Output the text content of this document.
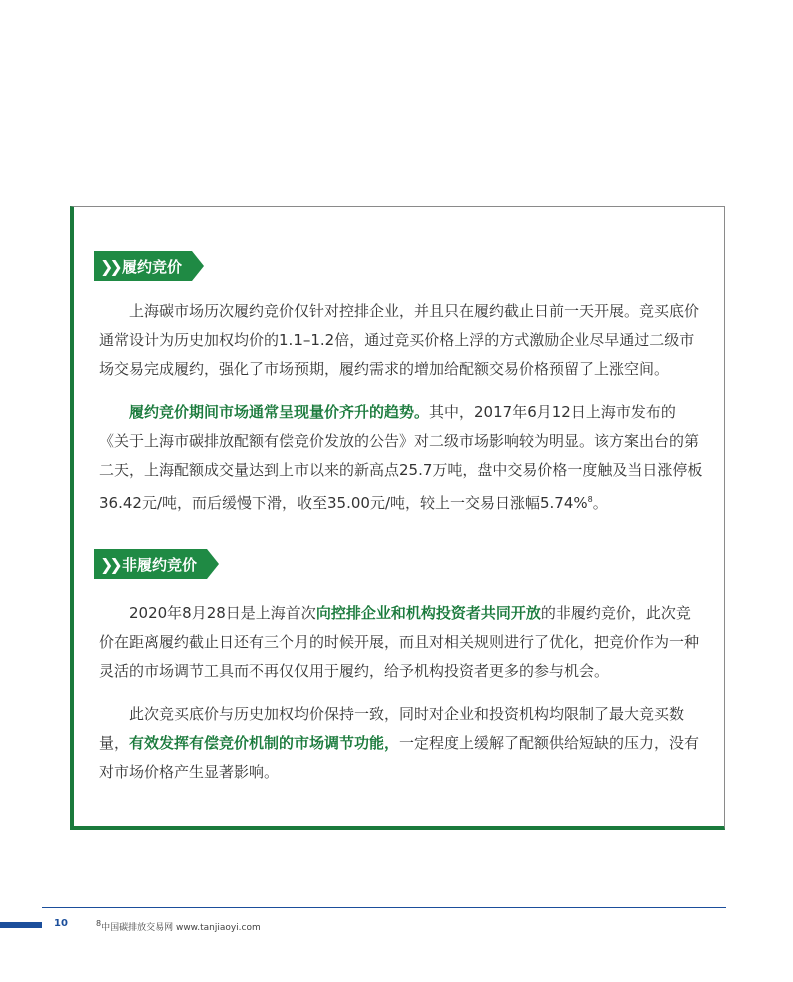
❯❯ 履约竞价

上海碳市场历次履约竞价仅针对控排企业，并且只在履约截止日前一天开展。竞买底价通常设计为历史加权均价的1.1–1.2倍，通过竞买价格上浮的方式激励企业尽早通过二级市场交易完成履约，强化了市场预期，履约需求的增加给配额交易价格预留了上涨空间。

履约竞价期间市场通常呈现量价齐升的趋势。其中，2017年6月12日上海市发布的《关于上海市碳排放配额有偿竞价发放的公告》对二级市场影响较为明显。该方案出台的第二天，上海配额成交量达到上市以来的新高点25.7万吨，盘中交易价格一度触及当日涨停板36.42元/吨，而后缓慢下滑，收至35.00元/吨，较上一交易日涨幅5.74%$^8$。

❯❯ 非履约竞价

2020年8月28日是上海首次向控排企业和机构投资者共同开放的非履约竞价，此次竞价在距离履约截止日还有三个月的时候开展，而且对相关规则进行了优化，把竞价作为一种灵活的市场调节工具而不再仅仅用于履约，给予机构投资者更多的参与机会。

此次竞买底价与历史加权均价保持一致，同时对企业和投资机构均限制了最大竞买数量，有效发挥有偿竞价机制的市场调节功能，一定程度上缓解了配额供给短缺的压力，没有对市场价格产生显著影响。

10	$^8$中国碳排放交易网 www.tanjiaoyi.com
